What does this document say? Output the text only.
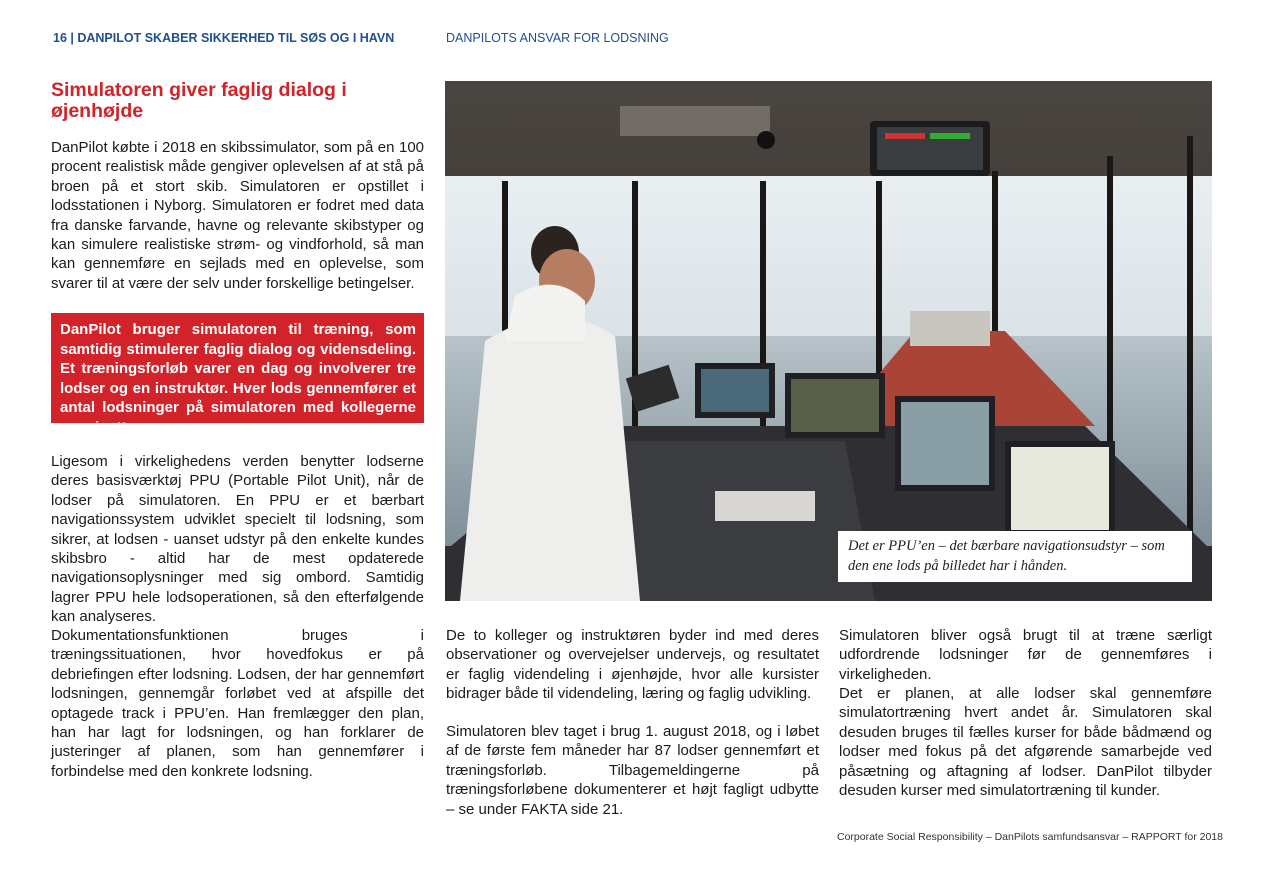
16 | DANPILOT SKABER SIKKERHED TIL SØS OG I HAVN	DANPILOTS ANSVAR FOR LODSNING
Simulatoren giver faglig dialog i øjenhøjde

DanPilot købte i 2018 en skibssimulator, som på en 100 procent realistisk måde gengiver oplevelsen af at stå på broen på et stort skib. Simulatoren er opstillet i lodsstationen i Nyborg. Simulatoren er fodret med data fra danske farvande, havne og relevante skibstyper og kan simulere realistiske strøm- og vindforhold, så man kan gennemføre en sejlads med en oplevelse, som svarer til at være der selv under forskellige betingelser.

DanPilot bruger simulatoren til træning, som samtidig stimulerer faglig dialog og vidensdeling. Et træningsforløb varer en dag og involverer tre lodser og en instruktør. Hver lods gennemfører et antal lodsninger på simulatoren med kollegerne som iagttagere.

Ligesom i virkelighedens verden benytter lodserne deres basisværktøj PPU (Portable Pilot Unit), når de lodser på simulatoren. En PPU er et bærbart navigationssystem udviklet specielt til lodsning, som sikrer, at lodsen - uanset udstyr på den enkelte kundes skibsbro - altid har de mest opdaterede navigationsoplysninger med sig ombord. Samtidig lagrer PPU hele lodsoperationen, så den efterfølgende kan analyseres.

Dokumentationsfunktionen bruges i træningssituationen, hvor hovedfokus er på debriefingen efter lodsning. Lodsen, der har gennemført lodsningen, gennemgår forløbet ved at afspille det optagede track i PPU’en. Han fremlægger den plan, han har lagt for lodsningen, og han forklarer de justeringer af planen, som han gennemfører i forbindelse med den konkrete lodsning.

Det er PPU’en – det bærbare navigationsudstyr – som den ene lods på billedet har i hånden.

De to kolleger og instruktøren byder ind med deres observationer og overvejelser undervejs, og resultatet er faglig videndeling i øjenhøjde, hvor alle kursister bidrager både til videndeling, læring og faglig udvikling.

Simulatoren blev taget i brug 1. august 2018, og i løbet af de første fem måneder har 87 lodser gennemført et træningsforløb. Tilbagemeldingerne på træningsforløbene dokumenterer et højt fagligt udbytte – se under FAKTA side 21.

Simulatoren bliver også brugt til at træne særligt udfordrende lodsninger før de gennemføres i virkeligheden.

Det er planen, at alle lodser skal gennemføre simulatortræning hvert andet år. Simulatoren skal desuden bruges til fælles kurser for både bådmænd og lodser med fokus på det afgørende samarbejde ved påsætning og aftagning af lodser. DanPilot tilbyder desuden kurser med simulatortræning til kunder.

Corporate Social Responsibility – DanPilots samfundsansvar – RAPPORT for 2018
